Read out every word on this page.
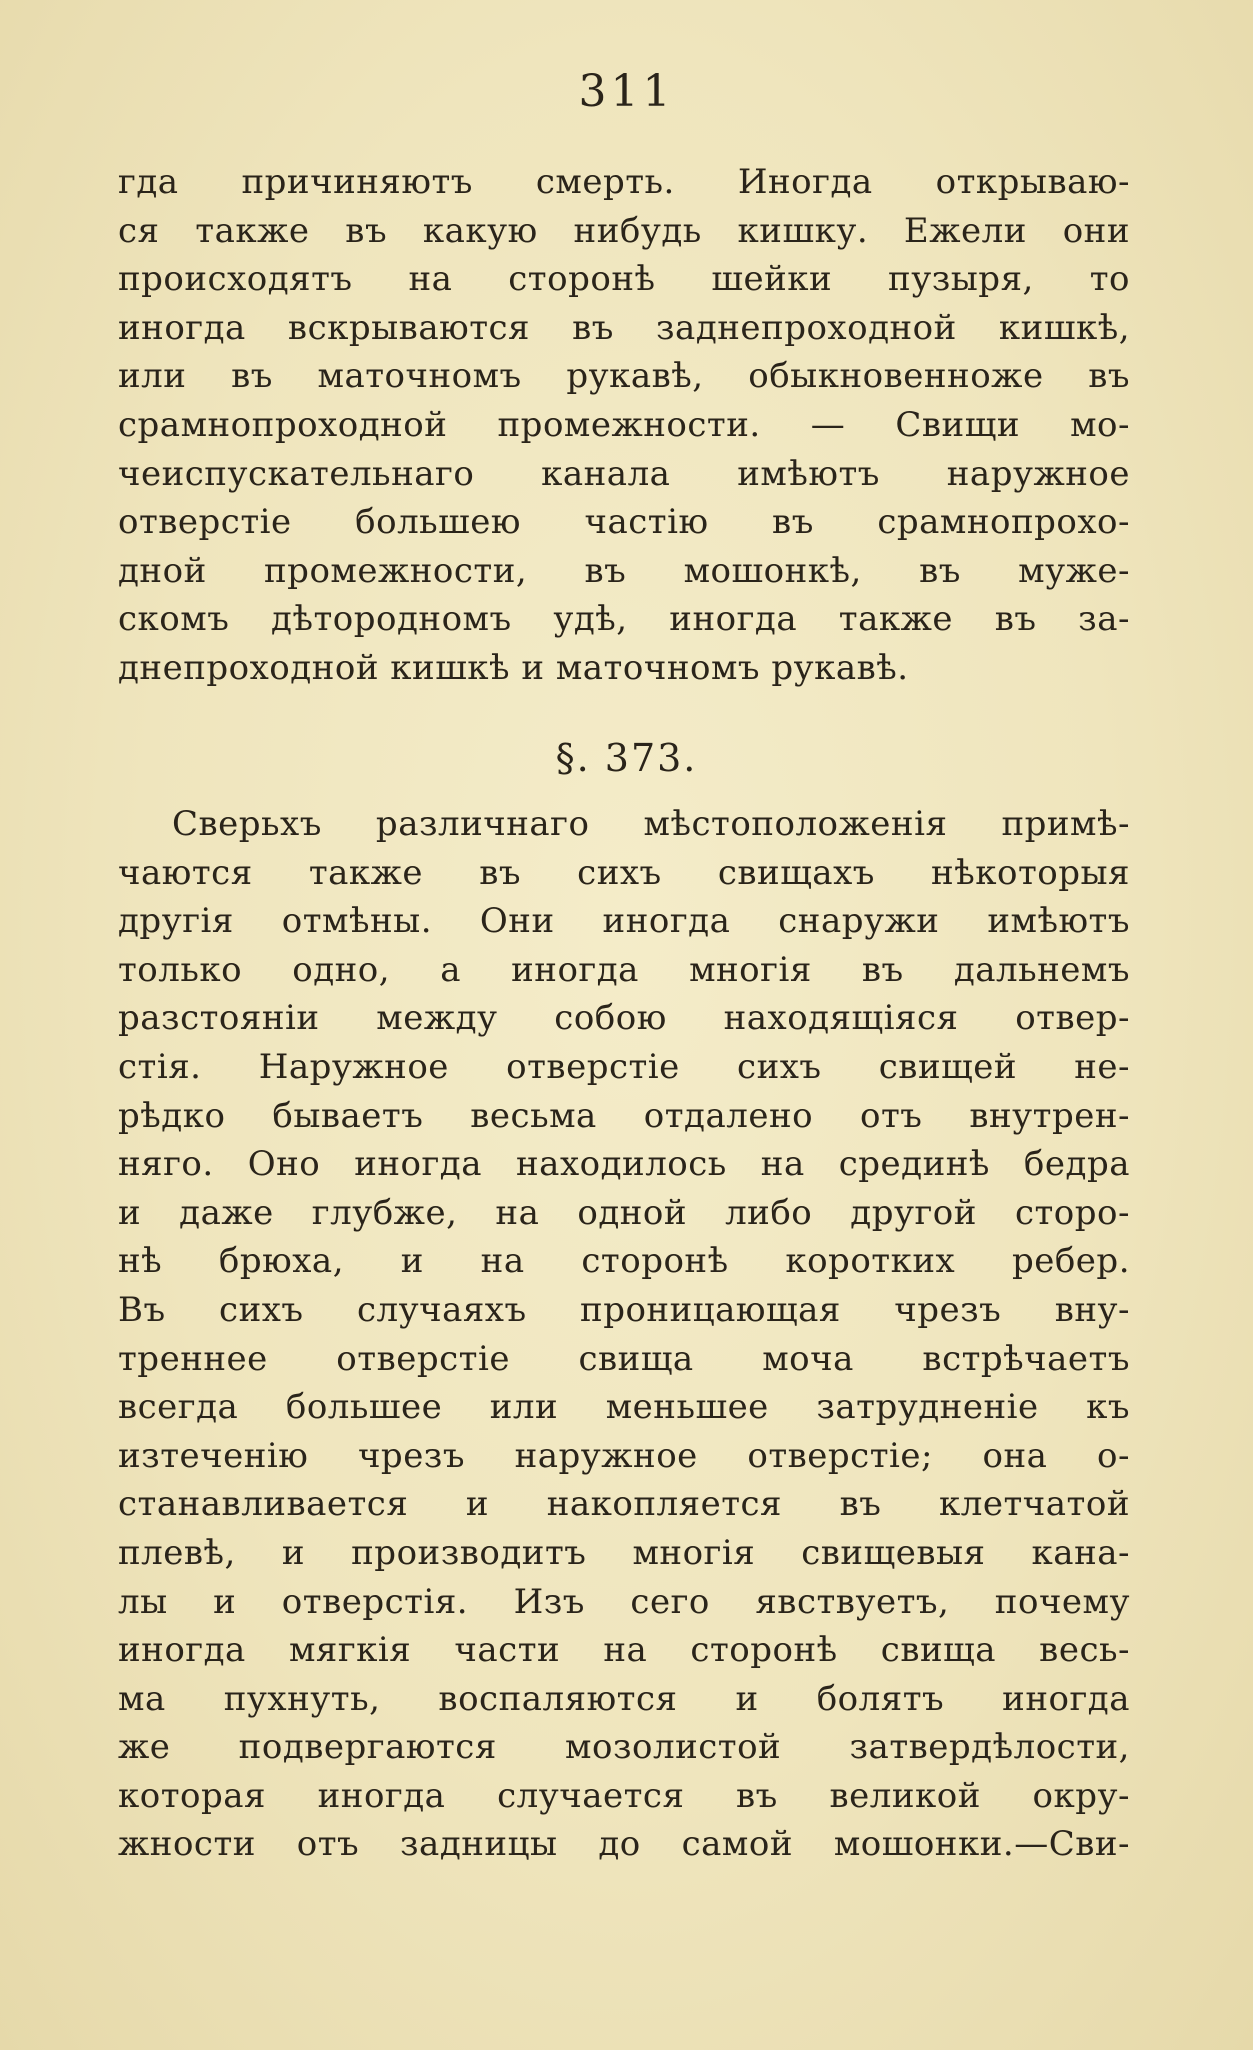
311
гда причиняютъ смерть. Иногда открываю-
ся также въ какую нибудь кишку. Ежели они
происходятъ на сторонѣ шейки пузыря, то
иногда вскрываются въ заднепроходной кишкѣ,
или въ маточномъ рукавѣ, обыкновенноже въ
срамнопроходной промежности. — Свищи мо-
чеиспускательнаго канала имѣютъ наружное
отверстіе большею частію въ срамнопрохо-
дной промежности, въ мошонкѣ, въ муже-
скомъ дѣтородномъ удѣ, иногда также въ за-
днепроходной кишкѣ и маточномъ рукавѣ.
§. 373.
Сверьхъ различнаго мѣстоположенія примѣ-
чаются также въ сихъ свищахъ нѣкоторыя
другія отмѣны. Они иногда снаружи имѣютъ
только одно, а иногда многія въ дальнемъ
разстояніи между собою находящіяся отвер-
стія. Наружное отверстіе сихъ свищей не-
рѣдко бываетъ весьма отдалено отъ внутрен-
няго. Оно иногда находилось на срединѣ бедра
и даже глубже, на одной либо другой сторо-
нѣ брюха, и на сторонѣ коротких ребер.
Въ сихъ случаяхъ проницающая чрезъ вну-
треннее отверстіе свища моча встрѣчаетъ
всегда большее или меньшее затрудненіе къ
изтеченію чрезъ наружное отверстіе; она о-
станавливается и накопляется въ клетчатой
плевѣ, и производитъ многія свищевыя кана-
лы и отверстія. Изъ сего явствуетъ, почему
иногда мягкія части на сторонѣ свища весь-
ма пухнуть, воспаляются и болятъ иногда
же подвергаются мозолистой затвердѣлости,
которая иногда случается въ великой окру-
жности отъ задницы до самой мошонки.—Сви-
